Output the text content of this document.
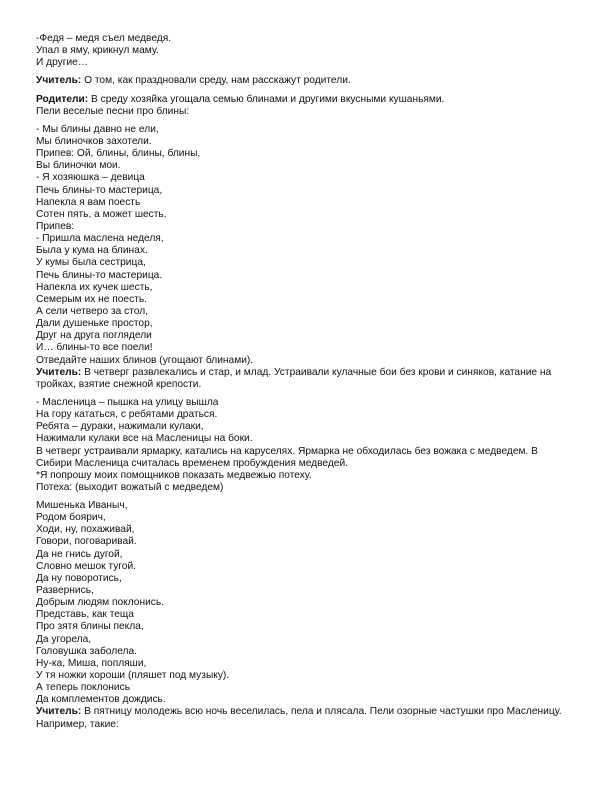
-Федя – медя съел медведя.
Упал в яму, крикнул маму.
И другие…
Учитель: О том, как праздновали среду, нам расскажут родители.
Родители: В среду хозяйка угощала семью блинами и другими вкусными кушаньями.
Пели веселые песни про блины:
- Мы блины давно не ели,
Мы блиночков захотели.
Припев: Ой, блины, блины, блины,
Вы блиночки мои.
- Я хозяюшка – девица
Печь блины-то мастерица,
Напекла я вам поесть
Сотен пять, а может шесть.
Припев:
- Пришла маслена неделя,
Была у кума на блинах.
У кумы была сестрица,
Печь блины-то мастерица.
Напекла их кучек шесть,
Семерым их не поесть.
А сели четверо за стол,
Дали душеньке простор,
Друг на друга поглядели
И… блины-то все поели!
Отведайте наших блинов (угощают блинами).
Учитель: В четверг развлекались и стар, и млад. Устраивали кулачные бои без крови и синяков, катание на
тройках, взятие снежной крепости.
- Масленица – пышка на улицу вышла
На гору кататься, с ребятами драться.
Ребята – дураки, нажимали кулаки,
Нажимали кулаки все на Масленицы на боки.
В четверг устраивали ярмарку, катались на каруселях. Ярмарка не обходилась без вожака с медведем. В
Сибири Масленица считалась временем пробуждения медведей.
*Я попрошу моих помощников показать медвежью потеху.
Потеха: (выходит вожатый с медведем)
Мишенька Иваныч,
Родом боярич,
Ходи, ну, похаживай,
Говори, поговаривай.
Да не гнись дугой,
Словно мешок тугой.
Да ну поворотись,
Развернись,
Добрым людям поклонись.
Представь, как теща
Про зятя блины пекла,
Да угорела,
Головушка заболела.
Ну-ка, Миша, попляши,
У тя ножки хороши (пляшет под музыку).
А теперь поклонись
Да комплементов дождись.
Учитель: В пятницу молодежь всю ночь веселилась, пела и плясала. Пели озорные частушки про Масленицу.
Например, такие:
